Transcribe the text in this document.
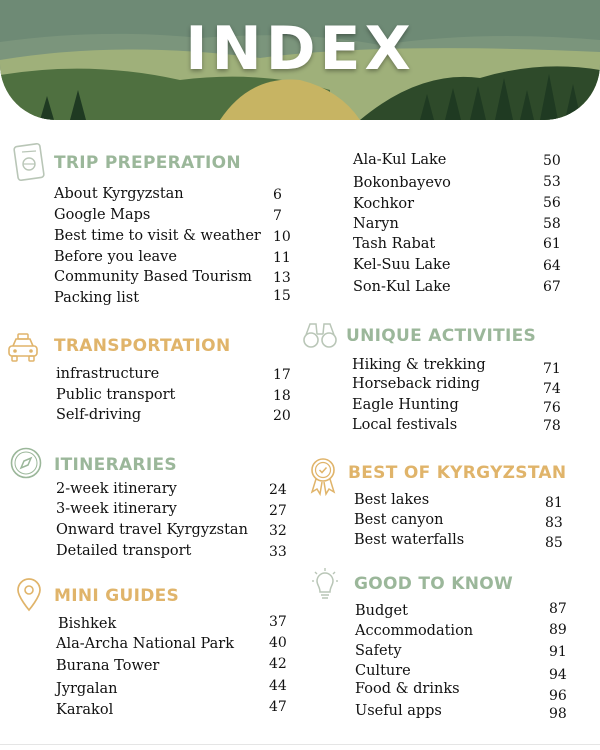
INDEX
TRIP PREPERATION
About Kyrgyzstan	6
Google Maps	7
Best time to visit & weather 10
Before you leave	11
Community Based Tourism 13
Packing list	15
TRANSPORTATION
infrastructure	17
Public transport	18
Self-driving	20
ITINERARIES
2-week itinerary	24
3-week itinerary	27
Onward travel Kyrgyzstan 32
Detailed transport	33
MINI GUIDES
Bishkek	37
Ala-Archa National Park	40
Burana Tower	42
Jyrgalan	44
Karakol	47
Ala-Kul Lake	50
Bokonbayevo	53
Kochkor	56
Naryn	58
Tash Rabat	61
Kel-Suu Lake	64
Son-Kul Lake	67
UNIQUE ACTIVITIES
Hiking & trekking	71
Horseback riding	74
Eagle Hunting	76
Local festivals	78
BEST OF KYRGYZSTAN
Best lakes	81
Best canyon	83
Best waterfalls	85
GOOD TO KNOW
Budget	87
Accommodation	89
Safety	91
Culture	94
Food & drinks	96
Useful apps	98
